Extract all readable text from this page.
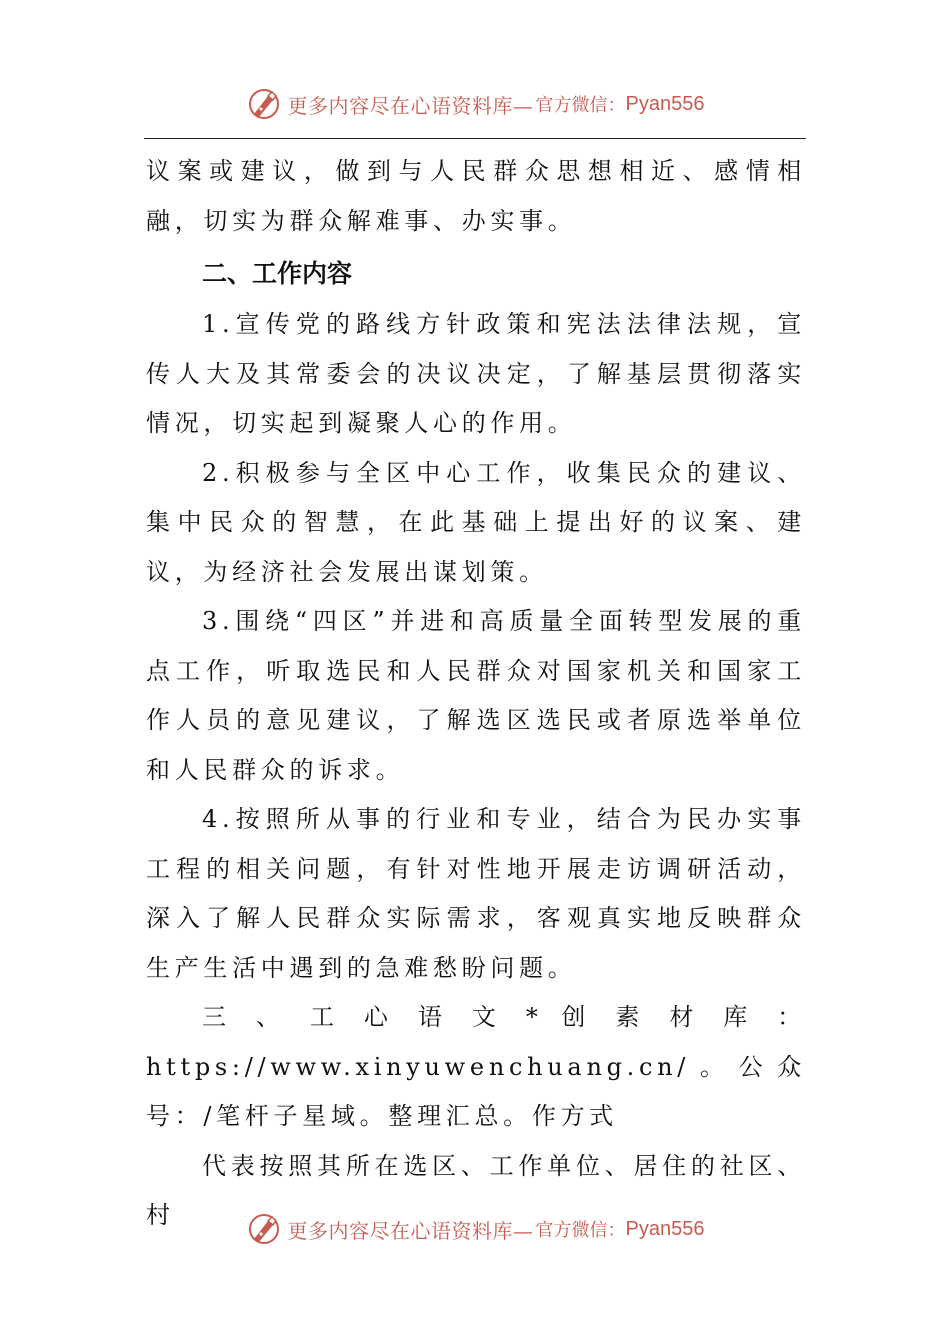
更多内容尽在心语资料库— 官方微信： Pyan556

议案或建议，做到与人民群众思想相近、感情相融，切实为群众解难事、办实事。

二、工作内容

1.宣传党的路线方针政策和宪法法律法规，宣传人大及其常委会的决议决定，了解基层贯彻落实情况，切实起到凝聚人心的作用。

2.积极参与全区中心工作，收集民众的建议、集中民众的智慧，在此基础上提出好的议案、建议，为经济社会发展出谋划策。

3.围绕“四区”并进和高质量全面转型发展的重点工作，听取选民和人民群众对国家机关和国家工作人员的意见建议，了解选区选民或者原选举单位和人民群众的诉求。

4.按照所从事的行业和专业，结合为民办实事工程的相关问题，有针对性地开展走访调研活动，深入了解人民群众实际需求，客观真实地反映群众生产生活中遇到的急难愁盼问题。

三 、 工 心 语 文 * 创 素 材 库 ： https://www.xinyuwenchuang.cn/。公众号：/笔杆子星域。整理汇总。作方式

代表按照其所在选区、工作单位、居住的社区、村

更多内容尽在心语资料库— 官方微信： Pyan556
